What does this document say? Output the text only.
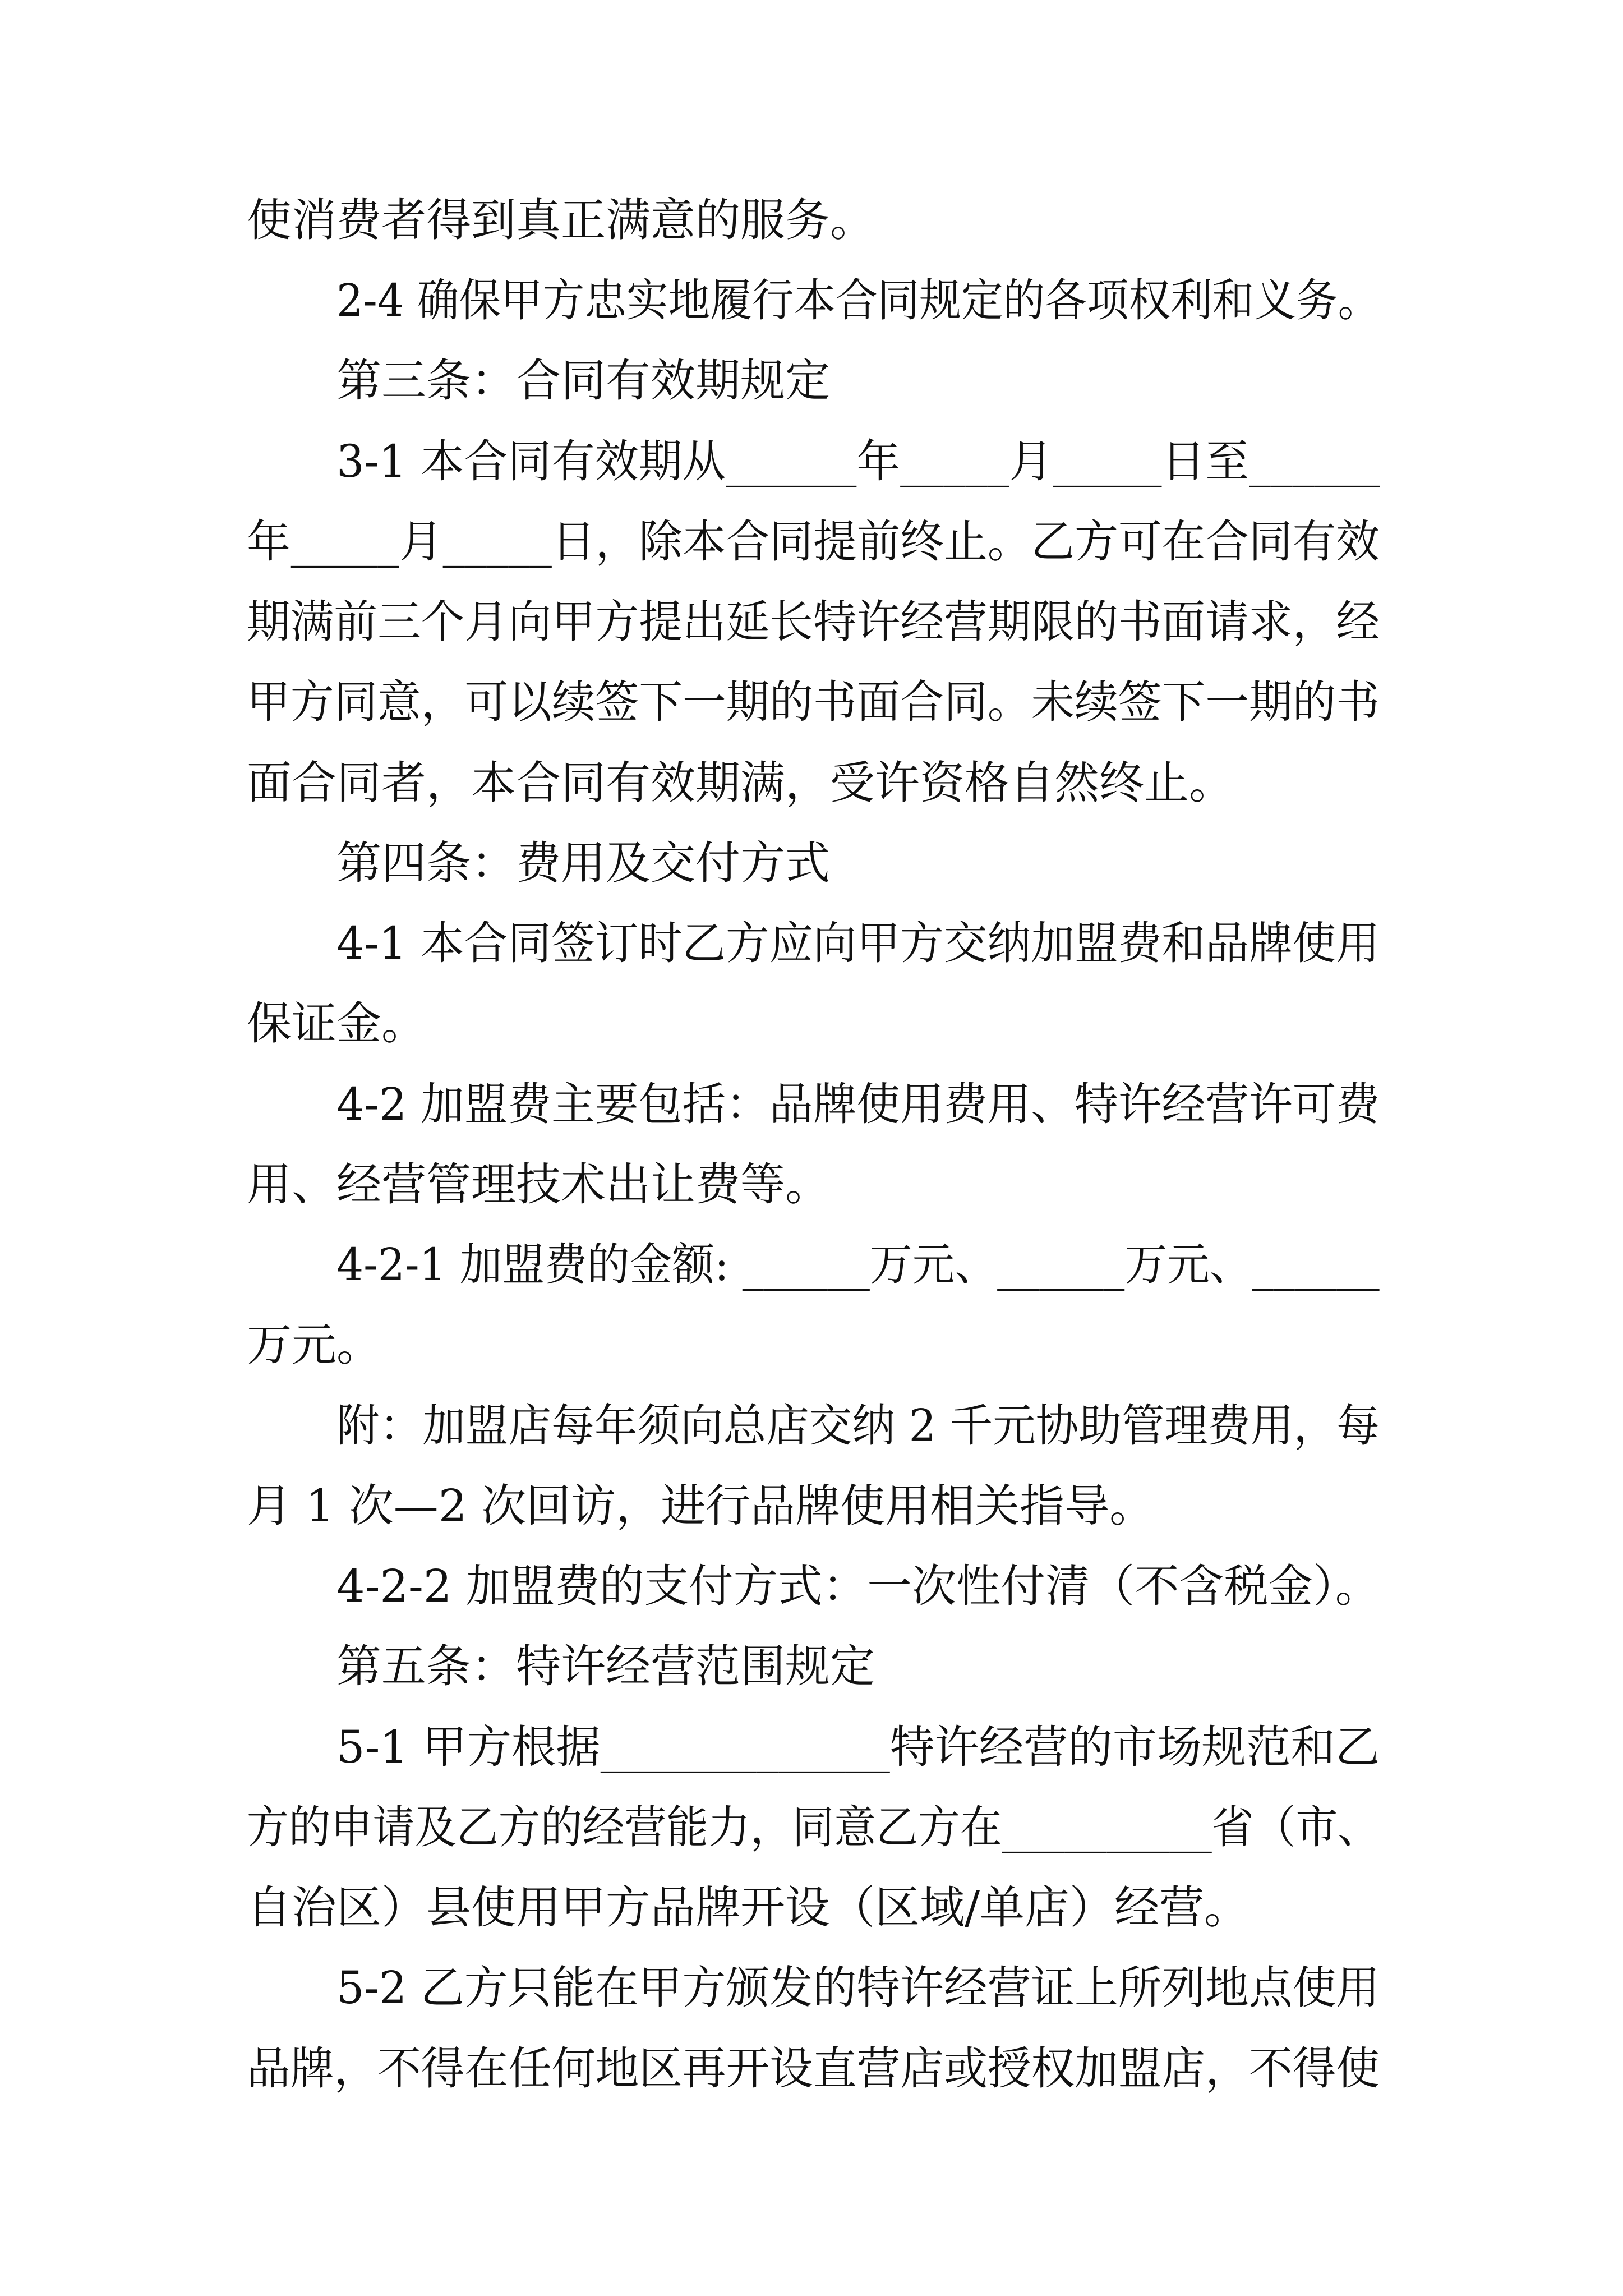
使消费者得到真正满意的服务。

2-4 确保甲方忠实地履行本合同规定的各项权利和义务。

第三条：合同有效期规定

3-1 本合同有效期从______年_____月_____日至______

年_____月_____日，除本合同提前终止。乙方可在合同有效

期满前三个月向甲方提出延长特许经营期限的书面请求，经

甲方同意，可以续签下一期的书面合同。未续签下一期的书

面合同者，本合同有效期满，受许资格自然终止。

第四条：费用及交付方式

4-1 本合同签订时乙方应向甲方交纳加盟费和品牌使用

保证金。

4-2 加盟费主要包括：品牌使用费用、特许经营许可费

用、经营管理技术出让费等。

4-2-1 加盟费的金额: ______万元、______万元、______

万元。

附：加盟店每年须向总店交纳 2 千元协助管理费用，每

月 1 次—2 次回访，进行品牌使用相关指导。

4-2-2 加盟费的支付方式：一次性付清（不含税金）。

第五条：特许经营范围规定

5-1 甲方根据_____________特许经营的市场规范和乙

方的申请及乙方的经营能力，同意乙方在__________省（市、

自治区）县使用甲方品牌开设（区域/单店）经营。

5-2 乙方只能在甲方颁发的特许经营证上所列地点使用

品牌，不得在任何地区再开设直营店或授权加盟店，不得使
